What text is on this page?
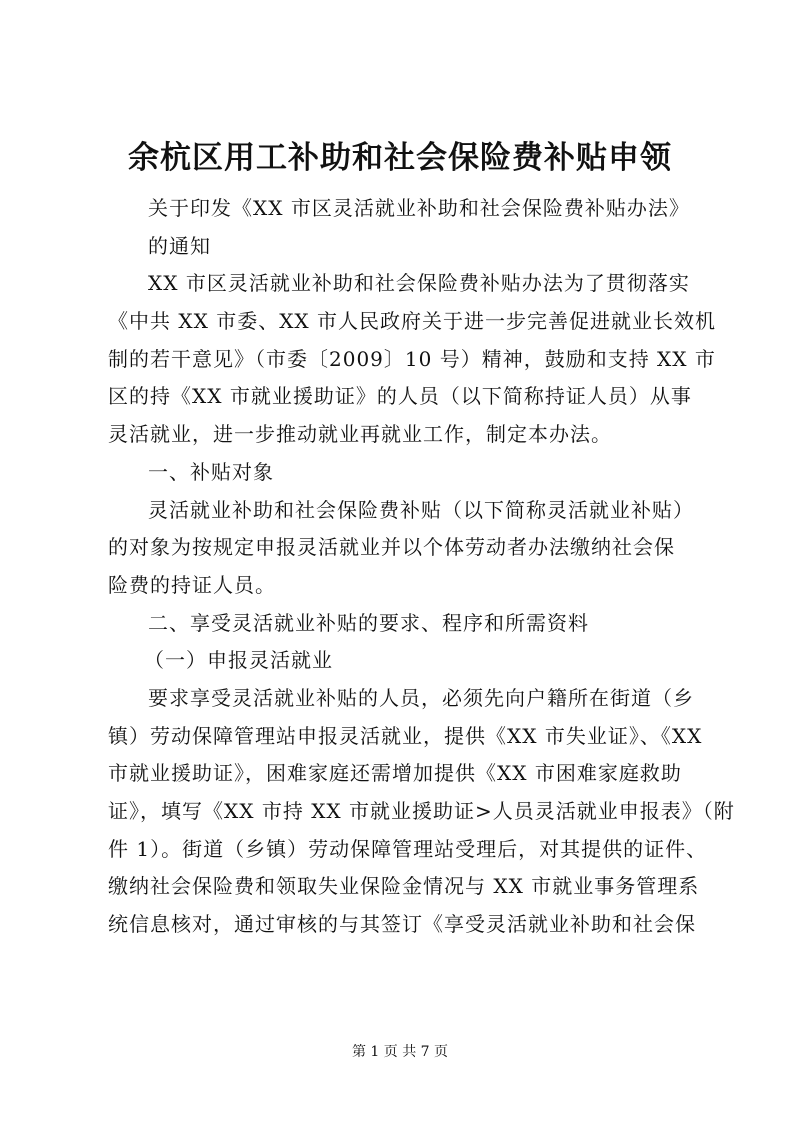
余杭区用工补助和社会保险费补贴申领
关于印发《XX 市区灵活就业补助和社会保险费补贴办法》
的通知
XX 市区灵活就业补助和社会保险费补贴办法为了贯彻落实
《中共 XX 市委、XX 市人民政府关于进一步完善促进就业长效机
制的若干意见》（市委〔2009〕10 号）精神，鼓励和支持 XX 市
区的持《XX 市就业援助证》的人员（以下简称持证人员）从事
灵活就业，进一步推动就业再就业工作，制定本办法。
一、补贴对象
灵活就业补助和社会保险费补贴（以下简称灵活就业补贴）
的对象为按规定申报灵活就业并以个体劳动者办法缴纳社会保
险费的持证人员。
二、享受灵活就业补贴的要求、程序和所需资料
（一）申报灵活就业
要求享受灵活就业补贴的人员，必须先向户籍所在街道（乡
镇）劳动保障管理站申报灵活就业，提供《XX 市失业证》、《XX
市就业援助证》，困难家庭还需增加提供《XX 市困难家庭救助
证》，填写《XX 市持 XX 市就业援助证>人员灵活就业申报表》（附
件 1）。街道（乡镇）劳动保障管理站受理后，对其提供的证件、
缴纳社会保险费和领取失业保险金情况与 XX 市就业事务管理系
统信息核对，通过审核的与其签订《享受灵活就业补助和社会保
第 1 页 共 7 页
